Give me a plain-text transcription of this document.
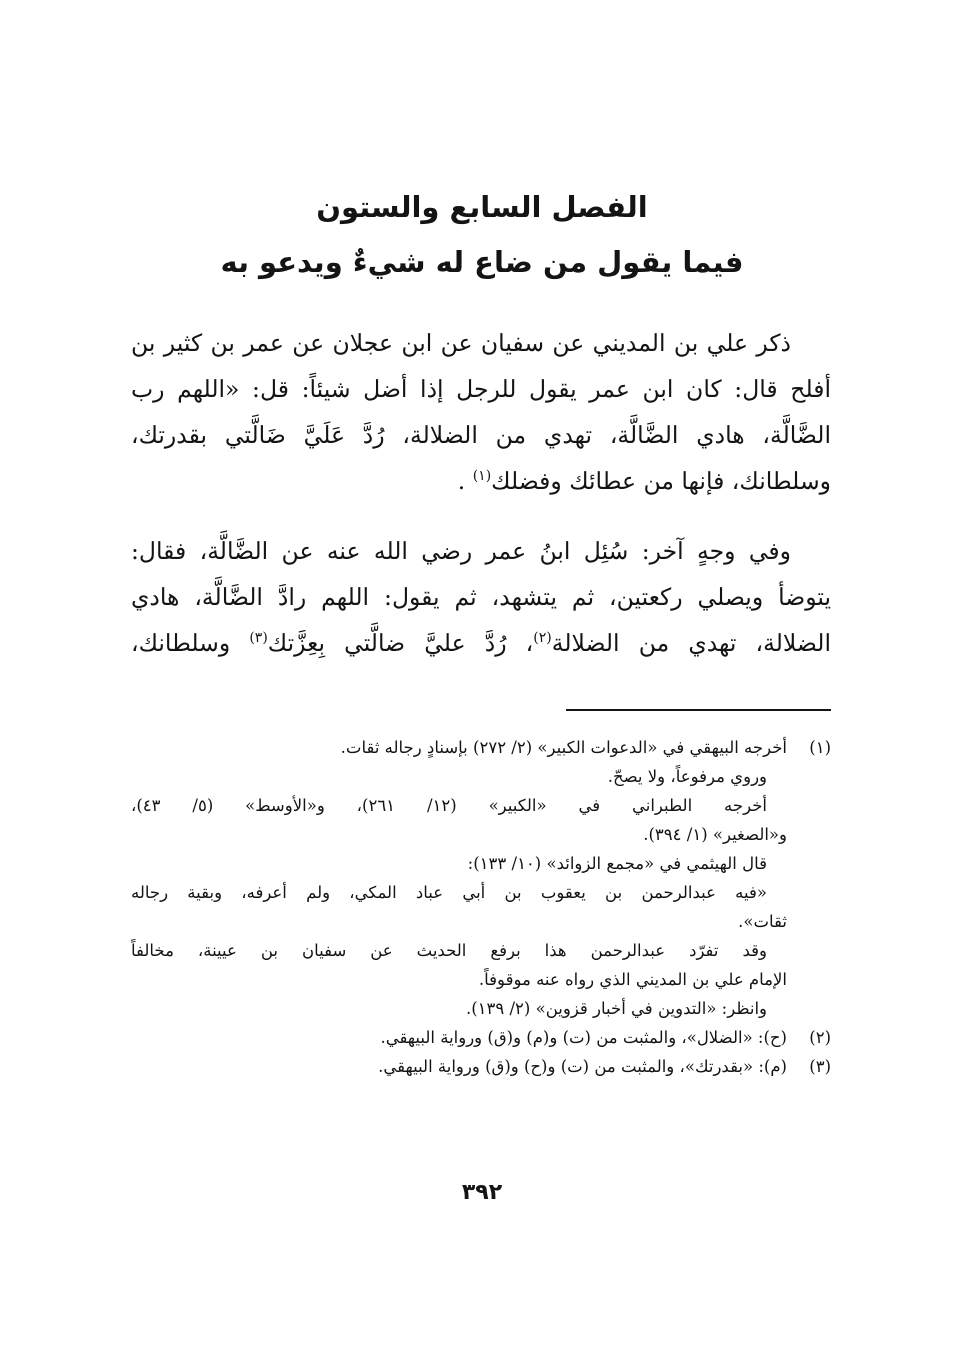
الفصل السابع والستون
فيما يقول من ضاع له شيءٌ ويدعو به
ذكر علي بن المديني عن سفيان عن ابن عجلان عن عمر بن كثير بن
أفلح قال: كان ابن عمر يقول للرجل إذا أضل شيئاً: قل: «اللهم رب
الضَّالَّة، هادي الضَّالَّة، تهدي من الضلالة، رُدَّ عَلَيَّ ضَالَّتي بقدرتك،
وسلطانك، فإنها من عطائك وفضلك$^{(١)}$ .
وفي وجهٍ آخر: سُئِل ابنُ عمر رضي الله عنه عن الضَّالَّة، فقال:
يتوضأ ويصلي ركعتين، ثم يتشهد، ثم يقول: اللهم رادَّ الضَّالَّة، هادي
الضلالة، تهدي من الضلالة$^{(٢)}$، رُدَّ عليَّ ضالَّتي بِعِزَّتك$^{(٣)}$ وسلطانك،
(١)أخرجه البيهقي في «الدعوات الكبير» (٢/ ٢٧٢) بإسنادٍ رجاله ثقات.
وروي مرفوعاً، ولا يصحّ.
أخرجه الطبراني في «الكبير» (١٢/ ٢٦١)، و«الأوسط» (٥/ ٤٣)،
و«الصغير» (١/ ٣٩٤).
قال الهيثمي في «مجمع الزوائد» (١٠/ ١٣٣):
«فيه عبدالرحمن بن يعقوب بن أبي عباد المكي، ولم أعرفه، وبقية رجاله
ثقات».
وقد تفرّد عبدالرحمن هذا برفع الحديث عن سفيان بن عيينة، مخالفاً
الإمام علي بن المديني الذي رواه عنه موقوفاً.
وانظر: «التدوين في أخبار قزوين» (٢/ ١٣٩).
(٢)(ح): «الضلال»، والمثبت من (ت) و(م) و(ق) ورواية البيهقي.
(٣)(م): «بقدرتك»، والمثبت من (ت) و(ح) و(ق) ورواية البيهقي.
٣٩٢
